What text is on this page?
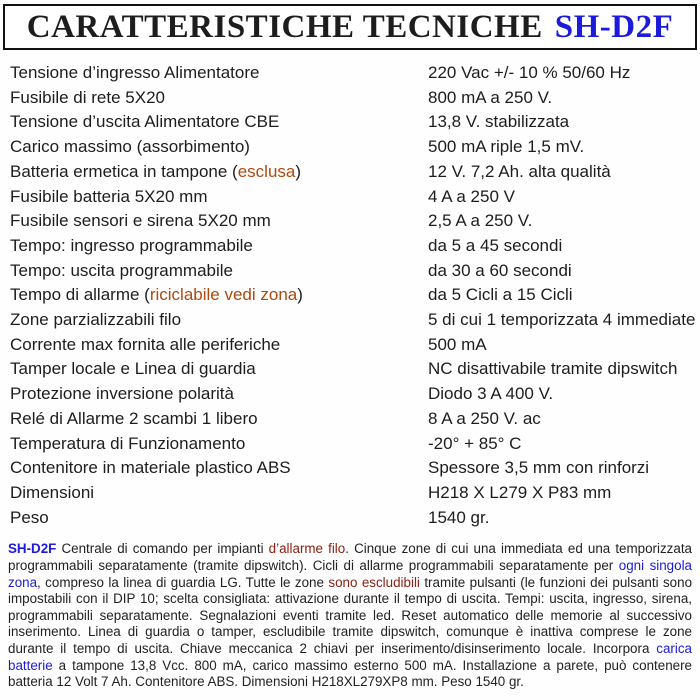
CARATTERISTICHE TECNICHE SH-D2F
Tensione d’ingresso Alimentatore	220 Vac +/- 10 % 50/60 Hz
Fusibile di rete 5X20	800 mA a 250 V.
Tensione d’uscita Alimentatore CBE	13,8 V. stabilizzata
Carico massimo (assorbimento)	500 mA riple 1,5 mV.
Batteria ermetica in tampone (esclusa)	12 V. 7,2 Ah. alta qualità
Fusibile batteria 5X20 mm	4 A a 250 V
Fusibile sensori e sirena 5X20 mm	2,5 A a 250 V.
Tempo: ingresso programmabile	da 5 a 45 secondi
Tempo: uscita programmabile	da 30 a 60 secondi
Tempo di allarme (riciclabile vedi zona)	da 5 Cicli a 15 Cicli
Zone parzializzabili filo	5 di cui 1 temporizzata 4 immediate
Corrente max fornita alle periferiche	500 mA
Tamper locale e Linea di guardia	NC disattivabile tramite dipswitch
Protezione inversione polarità	Diodo 3 A 400 V.
Relé di Allarme 2 scambi 1 libero	8 A a 250 V. ac
Temperatura di Funzionamento	-20° + 85° C
Contenitore in materiale plastico ABS	Spessore 3,5 mm con rinforzi
Dimensioni	H218 X L279 X P83 mm
Peso	1540 gr.
SH-D2F Centrale di comando per impianti d’allarme filo. Cinque zone di cui una immediata ed una temporizzata programmabili separatamente (tramite dipswitch). Cicli di allarme programmabili separatamente per ogni singola zona, compreso la linea di guardia LG. Tutte le zone sono escludibili tramite pulsanti (le funzioni dei pulsanti sono impostabili con il DIP 10; scelta consigliata: attivazione durante il tempo di uscita. Tempi: uscita, ingresso, sirena, programmabili separatamente. Segnalazioni eventi tramite led. Reset automatico delle memorie al successivo inserimento. Linea di guardia o tamper, escludibile tramite dipswitch, comunque è inattiva comprese le zone durante il tempo di uscita. Chiave meccanica 2 chiavi per inserimento/disinserimento locale. Incorpora carica batterie a tampone 13,8 Vcc. 800 mA, carico massimo esterno 500 mA. Installazione a parete, può contenere batteria 12 Volt 7 Ah. Contenitore ABS. Dimensioni H218XL279XP8 mm. Peso 1540 gr.
